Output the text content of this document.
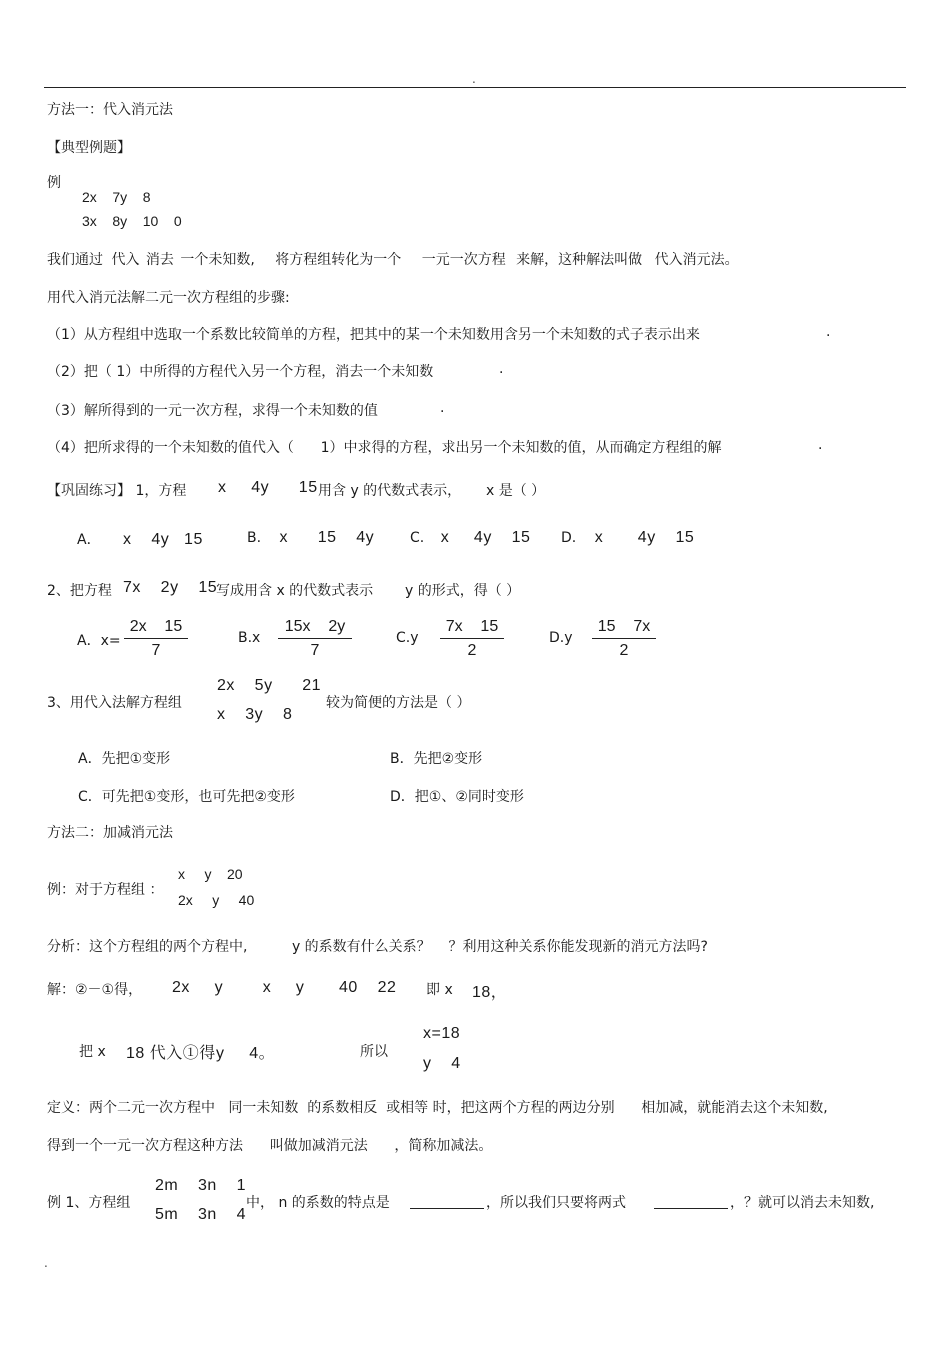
.
方法一：代入消元法
【典型例题】
例
2x    7y    8
3x    8y    10    0
我们通过 代入 消去 一个未知数, 将方程组转化为一个 一元一次方程 来解，这种解法叫做 代入消元法。
用代入消元法解二元一次方程组的步骤:
（1）从方程组中选取一个系数比较简单的方程，把其中的某一个未知数用含另一个未知数的式子表示出来	.
（2）把（ 1）中所得的方程代入另一个方程，消去一个未知数	.
（3）解所得到的一元一次方程，求得一个未知数的值	.
（4）把所求得的一个未知数的值代入（      1）中求得的方程，求出另一个未知数的值，从而确定方程组的解	.
【巩固练习】 1，方程 x     4y      15 用含 y 的代数式表示， x 是（ ）
A． x    4y   15	B. x      15    4y	C. x     4y    15 D. x       4y    15
2、把方程 7x    2y    15
写成用含 x 的代数式表示 y 的形式，得（ ）
A．x=
2x    15
7
B.x
15x    2y
7
C.y
7x    15
2
D.y
15    7x
2
3、用代入法解方程组
2x    5y      21
x    3y    8
较为简便的方法是（ ）
A．先把①变形	B．先把②变形
C．可先把①变形，也可先把②变形	D．把①、②同时变形
方法二：加减消元法
例：对于方程组 ：
x     y    20
2x     y     40
分析：这个方程组的两个方程中,          y 的系数有什么关系？    ？利用这种关系你能发现新的消元方法吗?
解：②－①得， 2x     y        x     y       40    22 即 x 18，
把 x 18 代入①得 y     4。	所以
x=18
y    4
定义：两个二元一次方程中   同一未知数  的系数相反  或相等 时，把这两个方程的两边分别      相加减，就能消去这个未知数,
得到一个一元一次方程这种方法      叫做加减消元法      ，简称加减法。
例 1、方程组
2m    3n    1
5m    3n    4
中， n 的系数的特点是	，所以我们只要将两式	，？就可以消去未知数,
.
